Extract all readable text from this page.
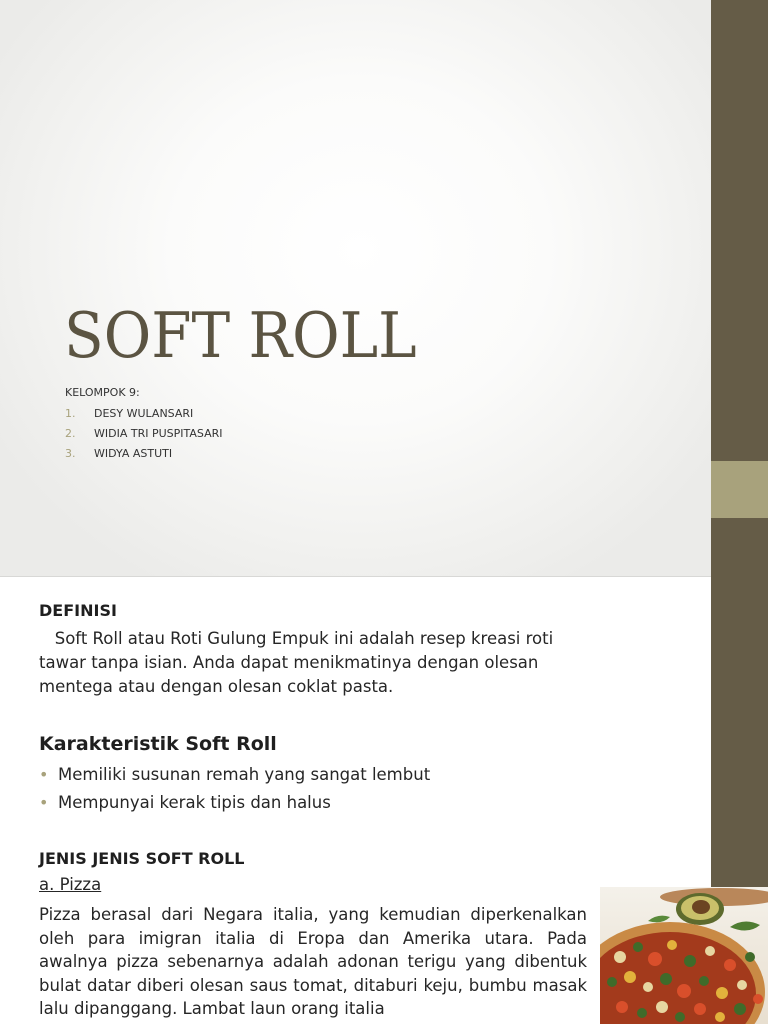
SOFT ROLL
KELOMPOK 9:
1. DESY WULANSARI
2. WIDIA TRI PUSPITASARI
3. WIDYA ASTUTI
DEFINISI
Soft Roll atau Roti Gulung Empuk ini adalah resep kreasi roti tawar tanpa isian. Anda dapat menikmatinya dengan olesan mentega atau dengan olesan coklat pasta.
Karakteristik Soft Roll
• Memiliki susunan remah yang sangat lembut
• Mempunyai kerak tipis dan halus
JENIS JENIS SOFT ROLL
a. Pizza
Pizza berasal dari Negara italia, yang kemudian diperkenalkan oleh para imigran italia di Eropa dan Amerika utara. Pada awalnya pizza sebenarnya adalah adonan terigu yang dibentuk bulat datar diberi olesan saus tomat, ditaburi keju, bumbu masak lalu dipanggang. Lambat laun orang italia
